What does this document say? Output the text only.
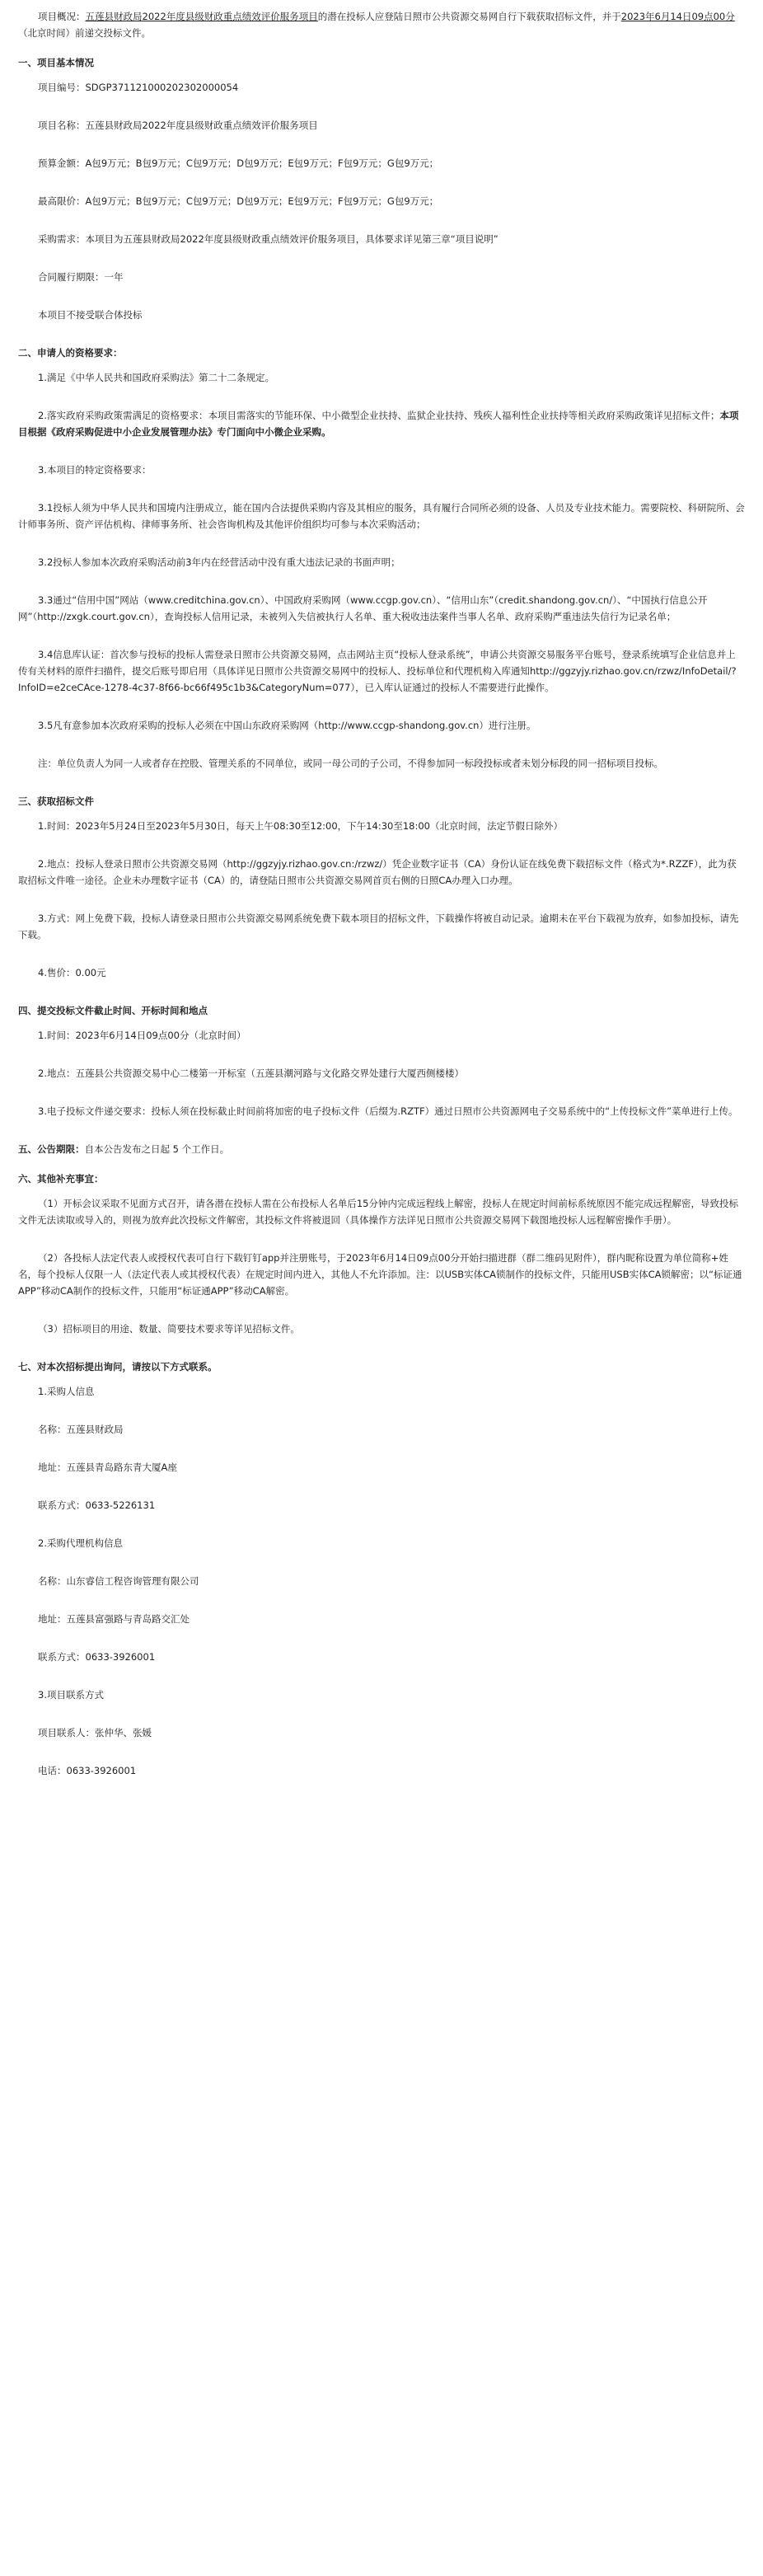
项目概况：五莲县财政局2022年度县级财政重点绩效评价服务项目的潜在投标人应登陆日照市公共资源交易网自行下载获取招标文件，并于2023年6月14日09点00分（北京时间）前递交投标文件。

一、项目基本情况

项目编号：SDGP371121000202302000054

项目名称：五莲县财政局2022年度县级财政重点绩效评价服务项目

预算金额：A包9万元；B包9万元；C包9万元；D包9万元；E包9万元；F包9万元；G包9万元；

最高限价：A包9万元；B包9万元；C包9万元；D包9万元；E包9万元；F包9万元；G包9万元；

采购需求：本项目为五莲县财政局2022年度县级财政重点绩效评价服务项目，具体要求详见第三章“项目说明”

合同履行期限：一年

本项目不接受联合体投标

二、申请人的资格要求：

1.满足《中华人民共和国政府采购法》第二十二条规定。

2.落实政府采购政策需满足的资格要求：本项目需落实的节能环保、中小微型企业扶持、监狱企业扶持、残疾人福利性企业扶持等相关政府采购政策详见招标文件；本项目根据《政府采购促进中小企业发展管理办法》专门面向中小微企业采购。

3.本项目的特定资格要求：

3.1投标人须为中华人民共和国境内注册成立，能在国内合法提供采购内容及其相应的服务，具有履行合同所必须的设备、人员及专业技术能力。需要院校、科研院所、会计师事务所、资产评估机构、律师事务所、社会咨询机构及其他评价组织均可参与本次采购活动；

3.2投标人参加本次政府采购活动前3年内在经营活动中没有重大违法记录的书面声明；

3.3通过“信用中国”网站（www.creditchina.gov.cn）、中国政府采购网（www.ccgp.gov.cn）、“信用山东”（credit.shandong.gov.cn/）、“中国执行信息公开网”（http://zxgk.court.gov.cn），查询投标人信用记录，未被列入失信被执行人名单、重大税收违法案件当事人名单、政府采购严重违法失信行为记录名单；

3.4信息库认证：首次参与投标的投标人需登录日照市公共资源交易网，点击网站主页“投标人登录系统”，申请公共资源交易服务平台账号，登录系统填写企业信息并上传有关材料的原件扫描件，提交后账号即启用（具体详见日照市公共资源交易网中的投标人、投标单位和代理机构入库通知http://ggzyjy.rizhao.gov.cn/rzwz/InfoDetail/?InfoID=e2ceCAce-1278-4c37-8f66-bc66f495c1b3&CategoryNum=077），已入库认证通过的投标人不需要进行此操作。

3.5凡有意参加本次政府采购的投标人必须在中国山东政府采购网（http://www.ccgp-shandong.gov.cn）进行注册。

注：单位负责人为同一人或者存在控股、管理关系的不同单位，或同一母公司的子公司，不得参加同一标段投标或者未划分标段的同一招标项目投标。

三、获取招标文件

1.时间：2023年5月24日至2023年5月30日，每天上午08:30至12:00，下午14:30至18:00（北京时间，法定节假日除外）

2.地点：投标人登录日照市公共资源交易网（http://ggzyjy.rizhao.gov.cn:/rzwz/）凭企业数字证书（CA）身份认证在线免费下载招标文件（格式为*.RZZF），此为获取招标文件唯一途径。企业未办理数字证书（CA）的，请登陆日照市公共资源交易网首页右侧的日照CA办理入口办理。

3.方式：网上免费下载，投标人请登录日照市公共资源交易网系统免费下载本项目的招标文件，下载操作将被自动记录。逾期未在平台下载视为放弃，如参加投标，请先下载。

4.售价：0.00元

四、提交投标文件截止时间、开标时间和地点

1.时间：2023年6月14日09点00分（北京时间）

2.地点：五莲县公共资源交易中心二楼第一开标室（五莲县潮河路与文化路交界处建行大厦西侧楼楼）

3.电子投标文件递交要求：投标人须在投标截止时间前将加密的电子投标文件（后缀为.RZTF）通过日照市公共资源网电子交易系统中的“上传投标文件”菜单进行上传。

五、公告期限：自本公告发布之日起 5 个工作日。

六、其他补充事宜：

（1）开标会议采取不见面方式召开，请各潜在投标人需在公布投标人名单后15分钟内完成远程线上解密，投标人在规定时间前标系统原因不能完成远程解密，导致投标文件无法读取或导入的，则视为放弃此次投标文件解密，其投标文件将被退回（具体操作方法详见日照市公共资源交易网下载图地投标人远程解密操作手册）。

（2）各投标人法定代表人或授权代表可自行下载钉钉app并注册账号，于2023年6月14日09点00分开始扫描进群（群二维码见附件），群内昵称设置为单位简称+姓名，每个投标人仅限一人（法定代表人或其授权代表）在规定时间内进入，其他人不允许添加。注：以USB实体CA锁制作的投标文件，只能用USB实体CA锁解密；以“标证通APP”移动CA制作的投标文件，只能用“标证通APP”移动CA解密。

（3）招标项目的用途、数量、简要技术要求等详见招标文件。

七、对本次招标提出询问，请按以下方式联系。

1.采购人信息

名称：五莲县财政局

地址：五莲县青岛路东青大厦A座

联系方式：0633-5226131

2.采购代理机构信息

名称：山东睿信工程咨询管理有限公司

地址：五莲县富强路与青岛路交汇处

联系方式：0633-3926001

3.项目联系方式

项目联系人：张仲华、张媛

电话：0633-3926001
